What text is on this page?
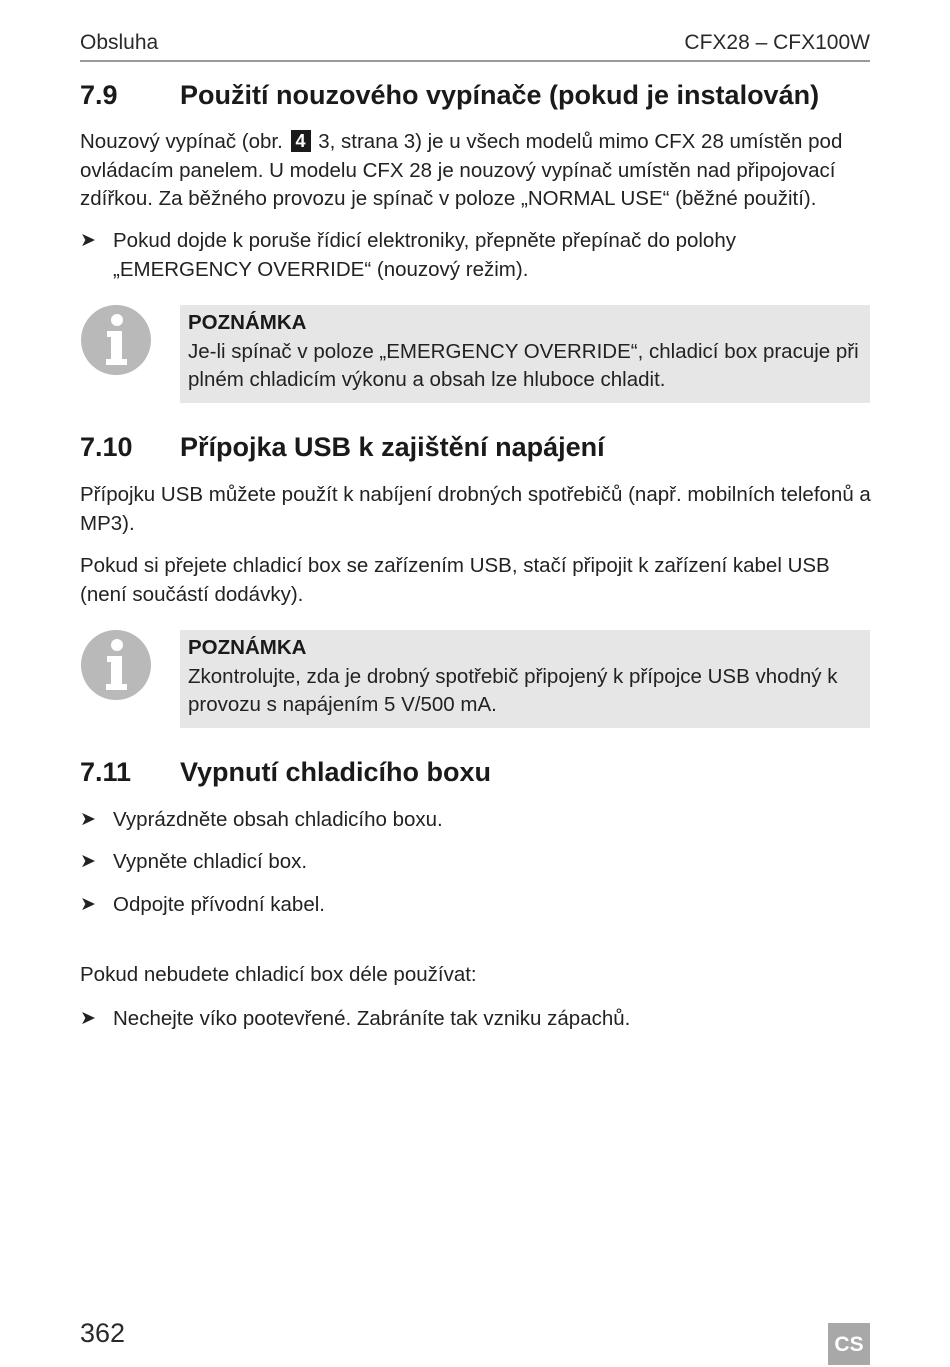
Obsluha	CFX28 – CFX100W
7.9 Použití nouzového vypínače (pokud je instalován)
Nouzový vypínač (obr. 4 3, strana 3) je u všech modelů mimo CFX 28 umístěn pod ovládacím panelem. U modelu CFX 28 je nouzový vypínač umístěn nad připojovací zdířkou. Za běžného provozu je spínač v poloze „NORMAL USE“ (běžné použití).
➤ Pokud dojde k poruše řídicí elektroniky, přepněte přepínač do polohy „EMERGENCY OVERRIDE“ (nouzový režim).
POZNÁMKA
Je-li spínač v poloze „EMERGENCY OVERRIDE“, chladicí box pracuje při plném chladicím výkonu a obsah lze hluboce chladit.
7.10 Přípojka USB k zajištění napájení
Přípojku USB můžete použít k nabíjení drobných spotřebičů (např. mobilních telefonů a MP3).
Pokud si přejete chladicí box se zařízením USB, stačí připojit k zařízení kabel USB (není součástí dodávky).
POZNÁMKA
Zkontrolujte, zda je drobný spotřebič připojený k přípojce USB vhodný k provozu s napájením 5 V/500 mA.
7.11 Vypnutí chladicího boxu
➤ Vyprázdněte obsah chladicího boxu.
➤ Vypněte chladicí box.
➤ Odpojte přívodní kabel.
Pokud nebudete chladicí box déle používat:
➤ Nechejte víko pootevřené. Zabráníte tak vzniku zápachů.
362	CS
